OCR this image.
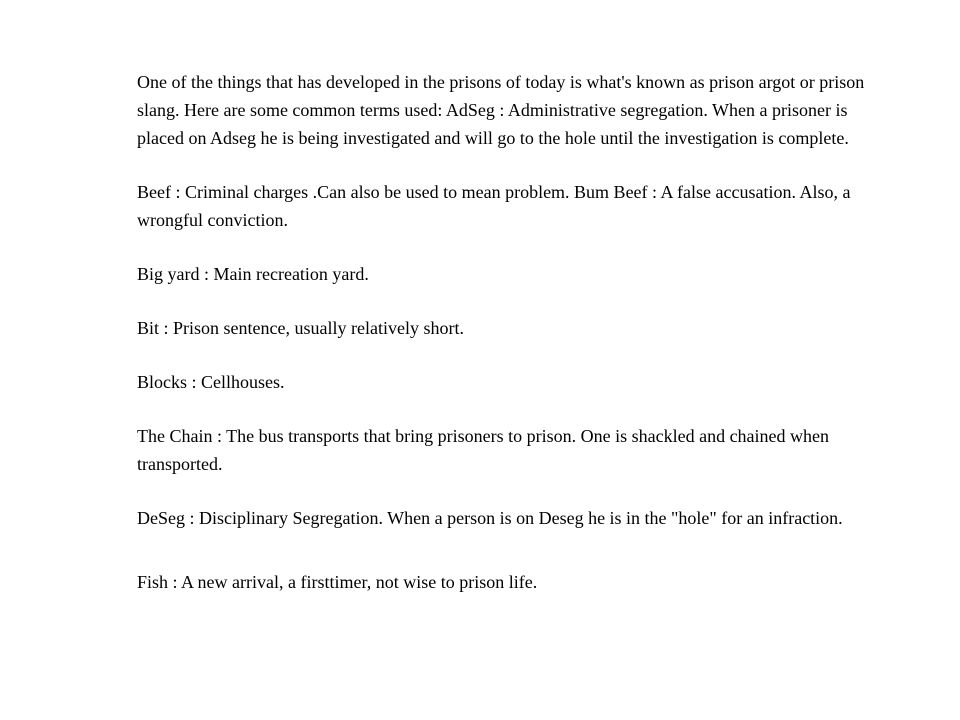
One of the things that has developed in the prisons of today is what's known as prison argot or prison slang. Here are some common terms used: AdSeg : Administrative segregation. When a prisoner is placed on Adseg he is being investigated and will go to the hole until the investigation is complete.

Beef : Criminal charges .Can also be used to mean problem. Bum Beef : A false accusation. Also, a wrongful conviction.

Big yard : Main recreation yard.

Bit : Prison sentence, usually relatively short.

Blocks : Cellhouses.

The Chain : The bus transports that bring prisoners to prison. One is shackled and chained when transported.

DeSeg : Disciplinary Segregation. When a person is on Deseg he is in the "hole" for an infraction.

Fish : A new arrival, a firsttimer, not wise to prison life.
